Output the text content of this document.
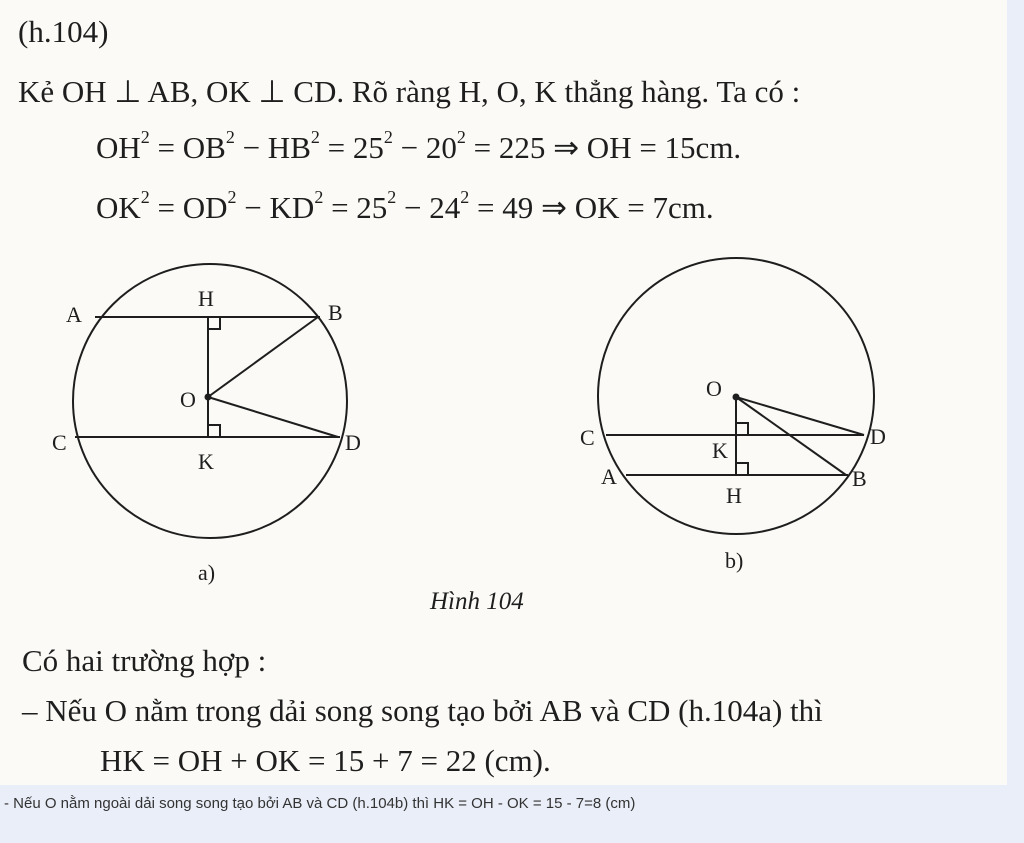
(h.104)

Kẻ OH ⊥ AB, OK ⊥ CD. Rõ ràng H, O, K thẳng hàng. Ta có :

$OH^2 = OB^2 - HB^2 = 25^2 - 20^2 = 225$ ⇒ OH = 15cm.

$OK^2 = OD^2 - KD^2 = 25^2 - 24^2 = 49$ ⇒ OK = 7cm.

A
H
B
O
C	D
K
a)
O
C	D
K
A	B
H
b)

Hình 104

Có hai trường hợp :

– Nếu O nằm trong dải song song tạo bởi AB và CD (h.104a) thì

HK = OH + OK = 15 + 7 = 22 (cm).

- Nếu O nằm ngoài dải song song tạo bởi AB và CD (h.104b) thì HK = OH - OK = 15 - 7=8 (cm)
